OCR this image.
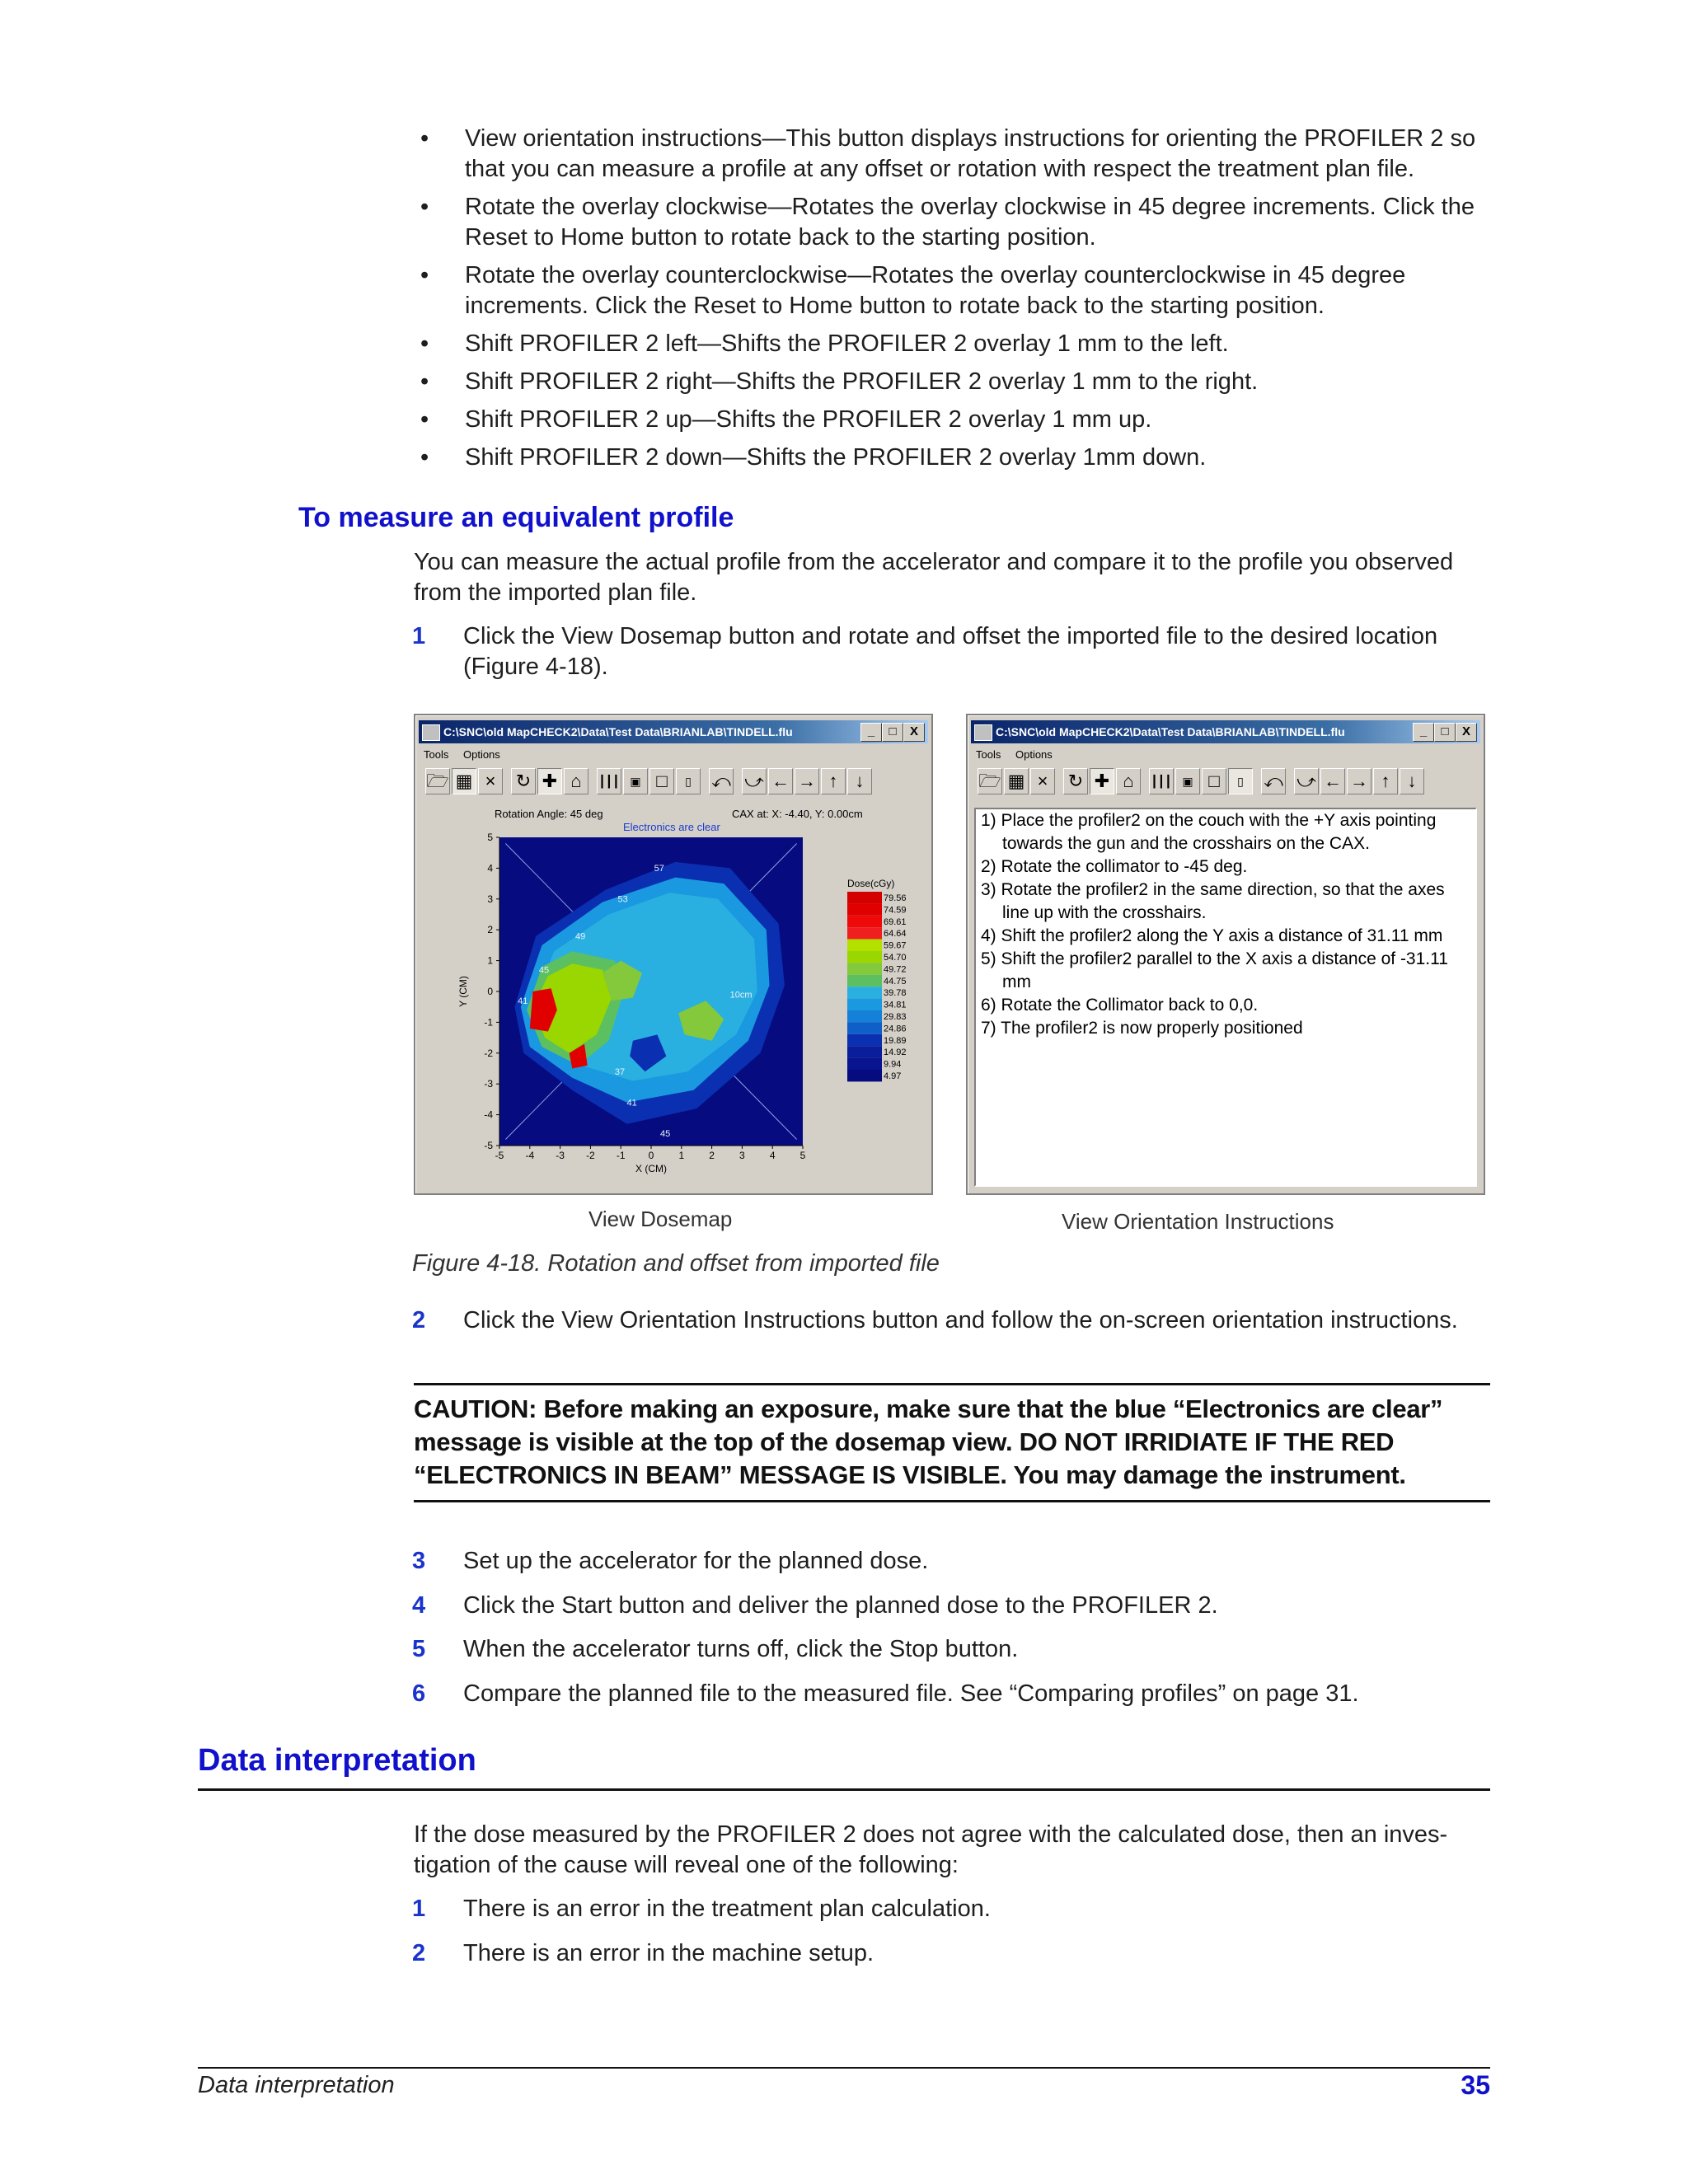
• View orientation instructions—This button displays instructions for orienting the PROFILER 2 so that you can measure a profile at any offset or rotation with respect the treatment plan file.
• Rotate the overlay clockwise—Rotates the overlay clockwise in 45 degree increments. Click the Reset to Home button to rotate back to the starting position.
• Rotate the overlay counterclockwise—Rotates the overlay counterclockwise in 45 degree increments. Click the Reset to Home button to rotate back to the starting position.
• Shift PROFILER 2 left—Shifts the PROFILER 2 overlay 1 mm to the left.
• Shift PROFILER 2 right—Shifts the PROFILER 2 overlay 1 mm to the right.
• Shift PROFILER 2 up—Shifts the PROFILER 2 overlay 1 mm up.
• Shift PROFILER 2 down—Shifts the PROFILER 2 overlay 1mm down.
To measure an equivalent profile
You can measure the actual profile from the accelerator and compare it to the profile you observed from the imported plan file.
1 Click the View Dosemap button and rotate and offset the imported file to the desired location (Figure 4-18).
C:\SNC\old MapCHECK2\Data\Test Data\BRIANLAB\TINDELL.flu	_	□	X
Tools Options
🗁 ▦ ×	↻ ✚ ⌂	┃┃┃ ▣ □	▯	⤺ ⤻ ← → ↑ ↓
Rotation Angle: 45 deg	CAX at: X: -4.40, Y: 0.00cm
Electronics are clear
57
53
49
45
41
37
41
45
10cm
-5 -4 -3 -2 -1 0	1	2	3	4	5
5
4
3
2
1
0
-1
-2
-3
-4
-5
X (CM)
Y (CM)
Dose(cGy)
79.56
74.59
69.61
64.64
59.67
54.70
49.72
44.75
39.78
34.81
29.83
24.86
19.89
14.92
9.94
4.97
View Dosemap
C:\SNC\old MapCHECK2\Data\Test Data\BRIANLAB\TINDELL.flu	_	□	X
Tools Options
🗁 ▦ ×	↻ ✚ ⌂	┃┃┃ ▣ □	▯	⤺ ⤻ ← → ↑ ↓
1) Place the profiler2 on the couch with the +Y axis pointing
towards the gun and the crosshairs on the CAX.
2) Rotate the collimator to -45 deg.
3) Rotate the profiler2 in the same direction, so that the axes
line up with the crosshairs.
4) Shift the profiler2 along the Y axis a distance of 31.11 mm
5) Shift the profiler2 parallel to the X axis a distance of -31.11
mm
6) Rotate the Collimator back to 0,0.
7) The profiler2 is now properly positioned
View Orientation Instructions
Figure 4-18. Rotation and offset from imported file
2 Click the View Orientation Instructions button and follow the on-screen orientation instructions.
CAUTION: Before making an exposure, make sure that the blue “Electronics are clear” message is visible at the top of the dosemap view. DO NOT IRRIDIATE IF THE RED “ELECTRONICS IN BEAM” MESSAGE IS VISIBLE. You may damage the instrument.
3 Set up the accelerator for the planned dose.
4 Click the Start button and deliver the planned dose to the PROFILER 2.
5 When the accelerator turns off, click the Stop button.
6 Compare the planned file to the measured file. See “Comparing profiles” on page 31.
Data interpretation
If the dose measured by the PROFILER 2 does not agree with the calculated dose, then an inves- tigation of the cause will reveal one of the following:
1 There is an error in the treatment plan calculation.
2 There is an error in the machine setup.
Data interpretation	35
